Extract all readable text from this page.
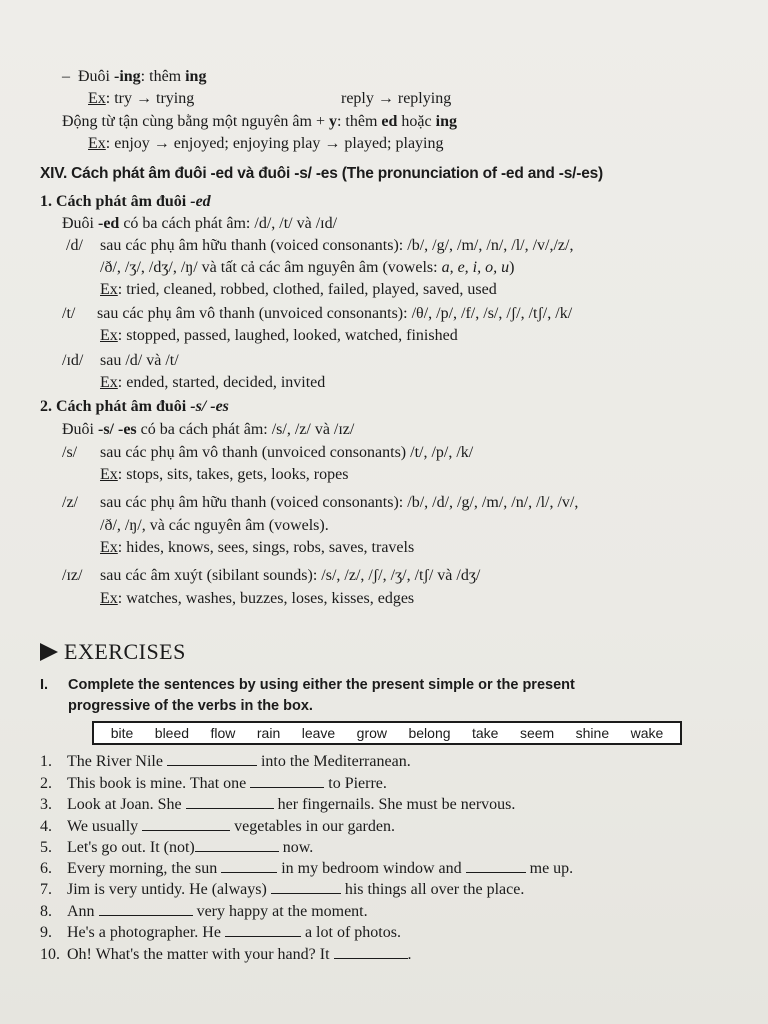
– Đuôi -ing: thêm ing
Ex: try → trying	reply → replying
Động từ tận cùng bằng một nguyên âm + y: thêm ed hoặc ing
Ex: enjoy → enjoyed; enjoying play → played; playing
XIV. Cách phát âm đuôi -ed và đuôi -s/ -es (The pronunciation of -ed and -s/-es)
1. Cách phát âm đuôi -ed
Đuôi -ed có ba cách phát âm: /d/, /t/ và /ɪd/
/d/ sau các phụ âm hữu thanh (voiced consonants): /b/, /g/, /m/, /n/, /l/, /v/,/z/,
/ð/, /ʒ/, /dʒ/, /ŋ/ và tất cả các âm nguyên âm (vowels: a, e, i, o, u)
Ex: tried, cleaned, robbed, clothed, failed, played, saved, used
/t/ sau các phụ âm vô thanh (unvoiced consonants): /θ/, /p/, /f/, /s/, /ʃ/, /tʃ/, /k/
Ex: stopped, passed, laughed, looked, watched, finished
/ɪd/ sau /d/ và /t/
Ex: ended, started, decided, invited
2. Cách phát âm đuôi -s/ -es
Đuôi -s/ -es có ba cách phát âm: /s/, /z/ và /ɪz/
/s/ sau các phụ âm vô thanh (unvoiced consonants) /t/, /p/, /k/
Ex: stops, sits, takes, gets, looks, ropes
/z/ sau các phụ âm hữu thanh (voiced consonants): /b/, /d/, /g/, /m/, /n/, /l/, /v/,
/ð/, /ŋ/, và các nguyên âm (vowels).
Ex: hides, knows, sees, sings, robs, saves, travels
/ɪz/ sau các âm xuýt (sibilant sounds): /s/, /z/, /ʃ/, /ʒ/, /tʃ/ và /dʒ/
Ex: watches, washes, buzzes, loses, kisses, edges
EXERCISES
I. Complete the sentences by using either the present simple or the present
progressive of the verbs in the box.
bite bleed flow rain leave grow belong take seem shine wake
1. The River Nile	into the Mediterranean.
2. This book is mine. That one	to Pierre.
3. Look at Joan. She	her fingernails. She must be nervous.
4. We usually	vegetables in our garden.
5. Let's go out. It (not)	now.
6. Every morning, the sun	in my bedroom window and	me up.
7. Jim is very untidy. He (always)	his things all over the place.
8. Ann	very happy at the moment.
9. He's a photographer. He	a lot of photos.
10. Oh! What's the matter with your hand? It	.
